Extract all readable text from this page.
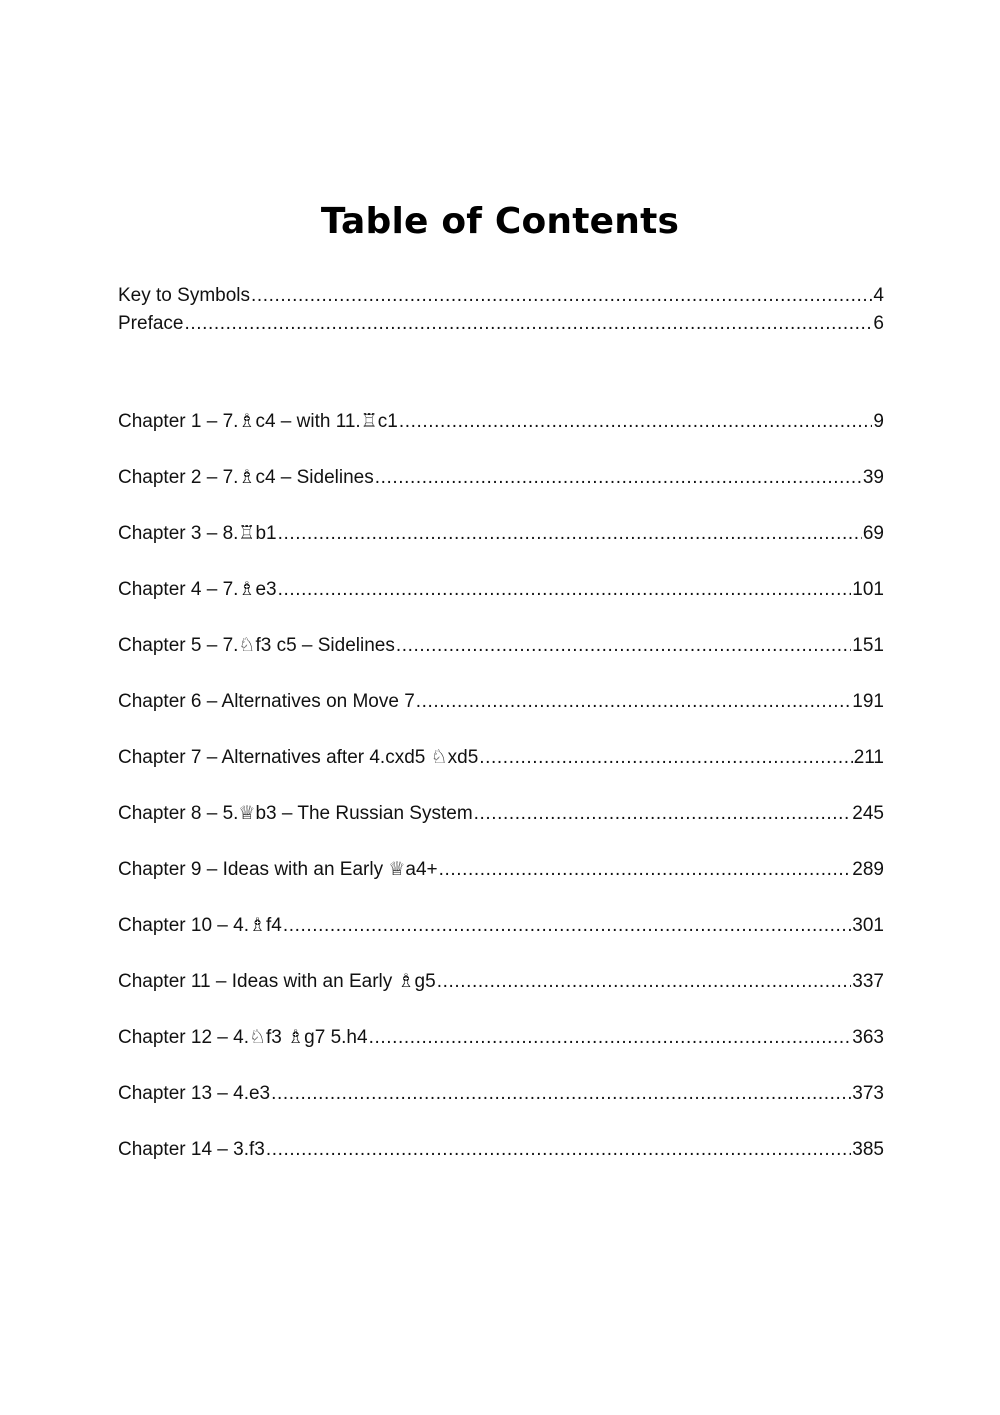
Table of Contents
Key to Symbols .....	4
Preface .....	6
Chapter 1 – 7.♗c4 – with 11.♖c1 .....	9
Chapter 2 – 7.♗c4 – Sidelines .....	39
Chapter 3 – 8.♖b1 .....	69
Chapter 4 – 7.♗e3 .....	101
Chapter 5 – 7.♘f3 c5 – Sidelines .....	151
Chapter 6 – Alternatives on Move 7 .....	191
Chapter 7 – Alternatives after 4.cxd5 ♘xd5 .....	211
Chapter 8 – 5.♕b3 – The Russian System .....	245
Chapter 9 – Ideas with an Early ♕a4+ .....	289
Chapter 10 – 4.♗f4 .....	301
Chapter 11 – Ideas with an Early ♗g5 .....	337
Chapter 12 – 4.♘f3 ♗g7 5.h4 .....	363
Chapter 13 – 4.e3 .....	373
Chapter 14 – 3.f3 .....	385
